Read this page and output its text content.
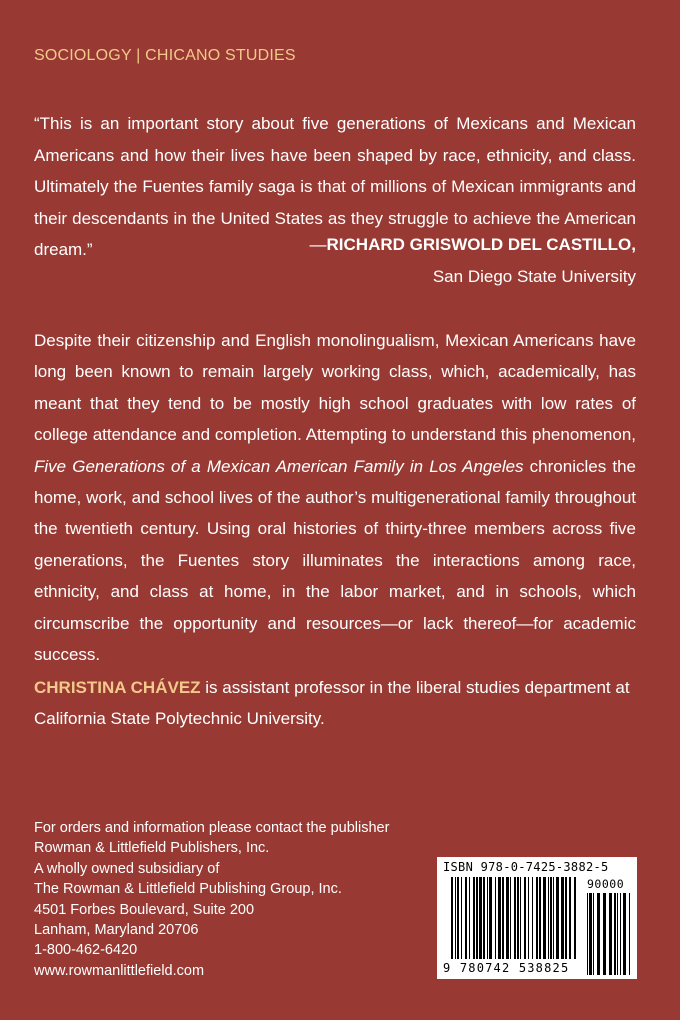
SOCIOLOGY | CHICANO STUDIES
“This is an important story about five generations of Mexicans and Mexican Americans and how their lives have been shaped by race, ethnicity, and class. Ultimately the Fuentes family saga is that of millions of Mexican immigrants and their descendants in the United States as they struggle to achieve the American dream.”	—RICHARD GRISWOLD DEL CASTILLO,
San Diego State University
Despite their citizenship and English monolingualism, Mexican Americans have long been known to remain largely working class, which, academically, has meant that they tend to be mostly high school graduates with low rates of college attendance and completion. Attempting to understand this phenomenon, Five Generations of a Mexican American Family in Los Angeles chronicles the home, work, and school lives of the author’s multigenerational family throughout the twentieth century. Using oral histories of thirty-three members across five generations, the Fuentes story illuminates the interactions among race, ethnicity, and class at home, in the labor market, and in schools, which circumscribe the opportunity and resources—or lack thereof—for academic success.
CHRISTINA CHÁVEZ is assistant professor in the liberal studies department at California State Polytechnic University.
For orders and information please contact the publisher
Rowman & Littlefield Publishers, Inc.
A wholly owned subsidiary of
The Rowman & Littlefield Publishing Group, Inc.
4501 Forbes Boulevard, Suite 200
Lanham, Maryland 20706
1-800-462-6420
www.rowmanlittlefield.com
ISBN 978-0-7425-3882-5
90000
9 780742 538825
